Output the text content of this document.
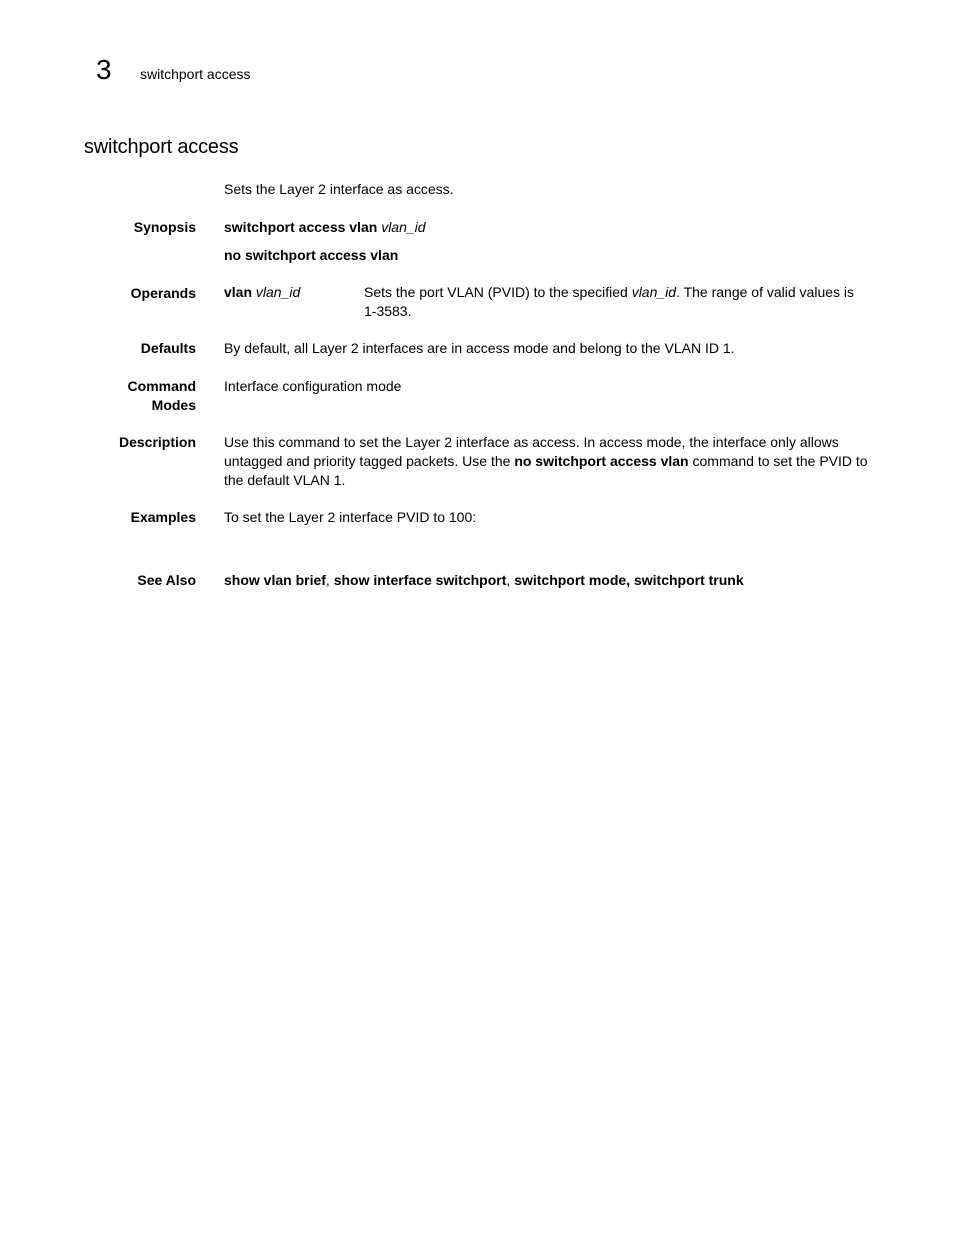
3 switchport access
switchport access
Sets the Layer 2 interface as access.
Synopsis switchport access vlan vlan_id
no switchport access vlan
Operands vlan vlan_id	Sets the port VLAN (PVID) to the specified vlan_id. The range of valid values is 1-3583.
Defaults By default, all Layer 2 interfaces are in access mode and belong to the VLAN ID 1.
Command
Modes
Interface configuration mode
Description Use this command to set the Layer 2 interface as access. In access mode, the interface only allows untagged and priority tagged packets. Use the no switchport access vlan command to set the PVID to the default VLAN 1.
Examples To set the Layer 2 interface PVID to 100:
See Also show vlan brief, show interface switchport, switchport mode, switchport trunk
